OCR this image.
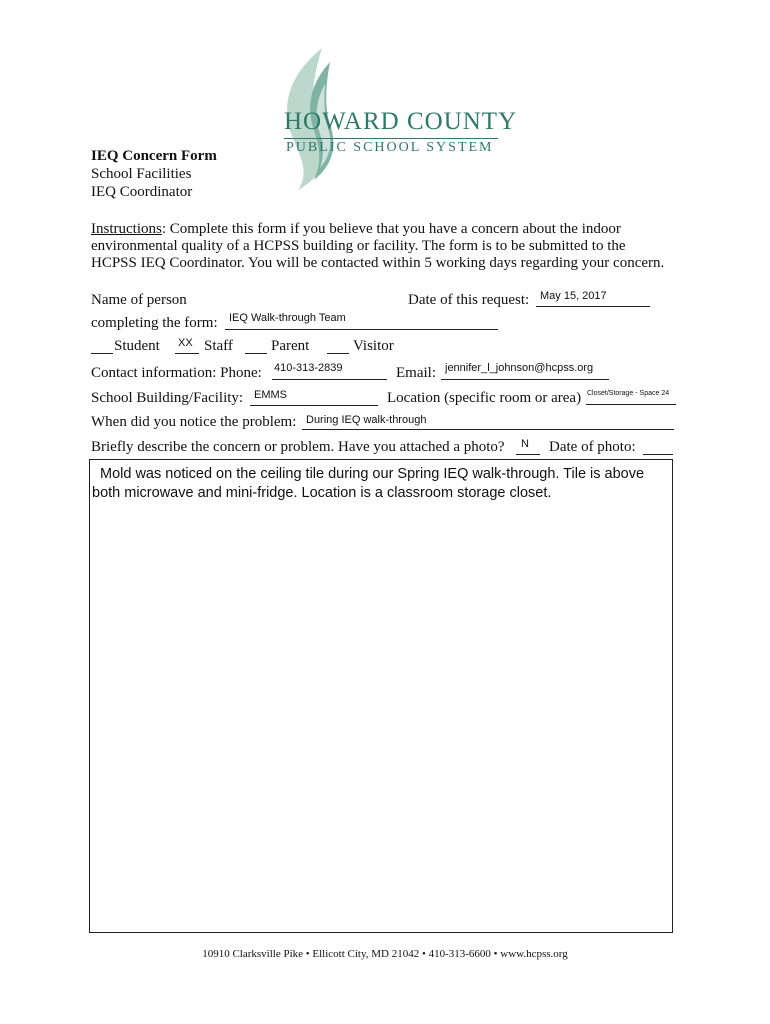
HOWARD COUNTY
PUBLIC SCHOOL SYSTEM
IEQ Concern Form
School Facilities
IEQ Coordinator
Instructions: Complete this form if you believe that you have a concern about the indoor
environmental quality of a HCPSS building or facility. The form is to be submitted to the
HCPSS IEQ Coordinator. You will be contacted within 5 working days regarding your concern.
Name of person	Date of this request: May 15, 2017
completing the form: IEQ Walk-through Team
Student XX Staff	Parent	Visitor
Contact information: Phone: 410-313-2839	Email: jennifer_l_johnson@hcpss.org
School Building/Facility: EMMS	Location (specific room or area) Closet/Storage - Space 24
When did you notice the problem: During IEQ walk-through
Briefly describe the concern or problem. Have you attached a photo? N Date of photo:
Mold was noticed on the ceiling tile during our Spring IEQ walk-through. Tile is above both microwave and mini-fridge. Location is a classroom storage closet.
10910 Clarksville Pike • Ellicott City, MD 21042 • 410-313-6600 • www.hcpss.org
